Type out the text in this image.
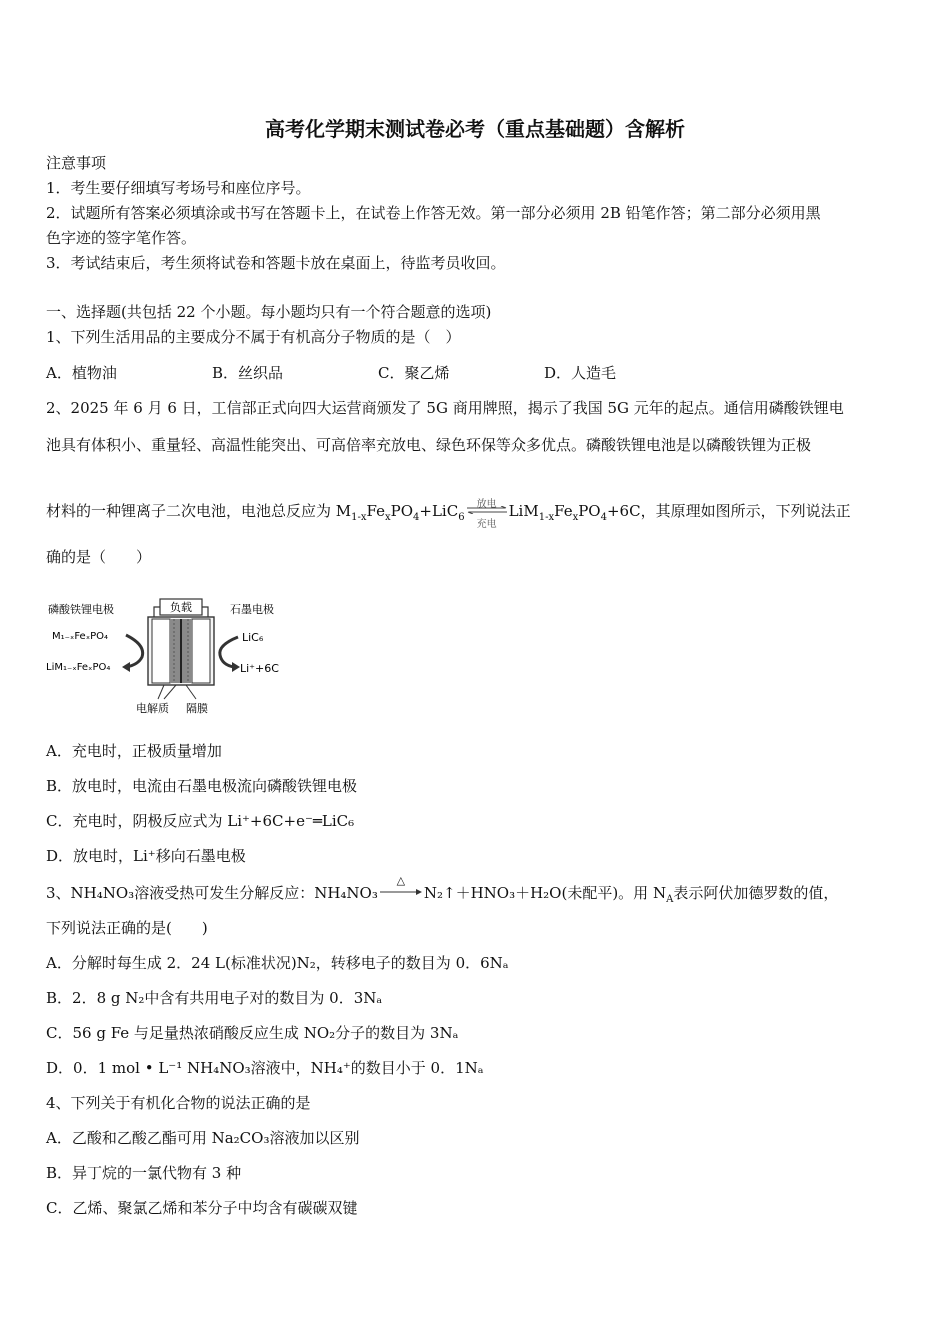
高考化学期末测试卷必考（重点基础题）含解析
注意事项
1．考生要仔细填写考场号和座位序号。
2．试题所有答案必须填涂或书写在答题卡上，在试卷上作答无效。第一部分必须用 2B 铅笔作答；第二部分必须用黑
色字迹的签字笔作答。
3．考试结束后，考生须将试卷和答题卡放在桌面上，待监考员收回。
一、选择题(共包括 22 个小题。每小题均只有一个符合题意的选项)
1、下列生活用品的主要成分不属于有机高分子物质的是（　）
A．植物油	B．丝织品	C．聚乙烯	D．人造毛
2、2025 年 6 月 6 日，工信部正式向四大运营商颁发了 5G 商用牌照，揭示了我国 5G 元年的起点。通信用磷酸铁锂电
池具有体积小、重量轻、高温性能突出、可高倍率充放电、绿色环保等众多优点。磷酸铁锂电池是以磷酸铁锂为正极
材料的一种锂离子二次电池，电池总反应为 $M_{1-x}Fe_xPO_4+LiC_6$
放电
充电
$LiM_{1-x}Fe_xPO_4+6C$，其原理如图所示，下列说法正
确的是（　　）
负载
磷酸铁锂电极	石墨电极
M₁₋ₓFeₓPO₄
LiM₁₋ₓFeₓPO₄
LiC₆
Li⁺+6C
电解质 隔膜
A．充电时，正极质量增加
B．放电时，电流由石墨电极流向磷酸铁锂电极
C．充电时，阴极反应式为 Li⁺+6C+e⁻═LiC₆
D．放电时，Li⁺移向石墨电极
3、NH₄NO₃溶液受热可发生分解反应：NH₄NO₃
△
N₂↑＋HNO₃＋H₂O(未配平)。用 $N_A$表示阿伏加德罗数的值，
下列说法正确的是(　　)
A．分解时每生成 2．24 L(标准状况)N₂，转移电子的数目为 0．6Nₐ
B．2．8 g N₂中含有共用电子对的数目为 0．3Nₐ
C．56 g Fe 与足量热浓硝酸反应生成 NO₂分子的数目为 3Nₐ
D．0．1 mol • L⁻¹ NH₄NO₃溶液中，NH₄⁺的数目小于 0．1Nₐ
4、下列关于有机化合物的说法正确的是
A．乙酸和乙酸乙酯可用 Na₂CO₃溶液加以区别
B．异丁烷的一氯代物有 3 种
C．乙烯、聚氯乙烯和苯分子中均含有碳碳双键
